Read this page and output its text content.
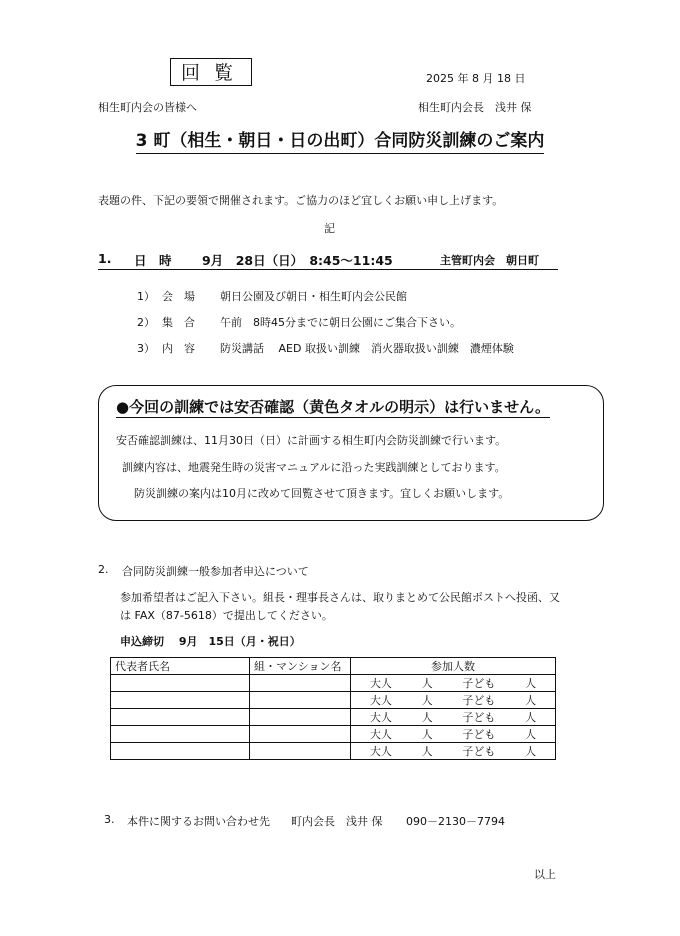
回覧	2025 年 8 月 18 日
相生町内会の皆様へ	相生町内会長　浅井 保
3 町（相生・朝日・日の出町）合同防災訓練のご案内
表題の件、下記の要領で開催されます。ご協力のほど宜しくお願い申し上げます。
記
1. 日　時 9月　28日（日）　8:45～11:45	主管町内会　朝日町
1） 会　場 朝日公園及び朝日・相生町内会公民館
2） 集　合 午前　8時45分までに朝日公園にご集合下さい。
3） 内　容 防災講話　 AED 取扱い訓練　消火器取扱い訓練　濃煙体験
●今回の訓練では安否確認（黄色タオルの明示）は行いません。
安否確認訓練は、11月30日（日）に計画する相生町内会防災訓練で行います。
訓練内容は、地震発生時の災害マニュアルに沿った実践訓練としております。
防災訓練の案内は10月に改めて回覧させて頂きます。宜しくお願いします。
2. 合同防災訓練一般参加者申込について
参加希望者はご記入下さい。組長・理事長さんは、取りまとめて公民館ポストへ投函、又
は FAX（87-5618）で提出してください。
申込締切　 9月　15日（月・祝日）
代表者氏名	組・マンション名	参加人数

		大人 人 子ども 人

		大人 人 子ども 人

		大人 人 子ども 人

		大人 人 子ども 人

		大人 人 子ども 人
3. 本件に関するお問い合わせ先 町内会長　浅井 保 090－2130－7794
以上
